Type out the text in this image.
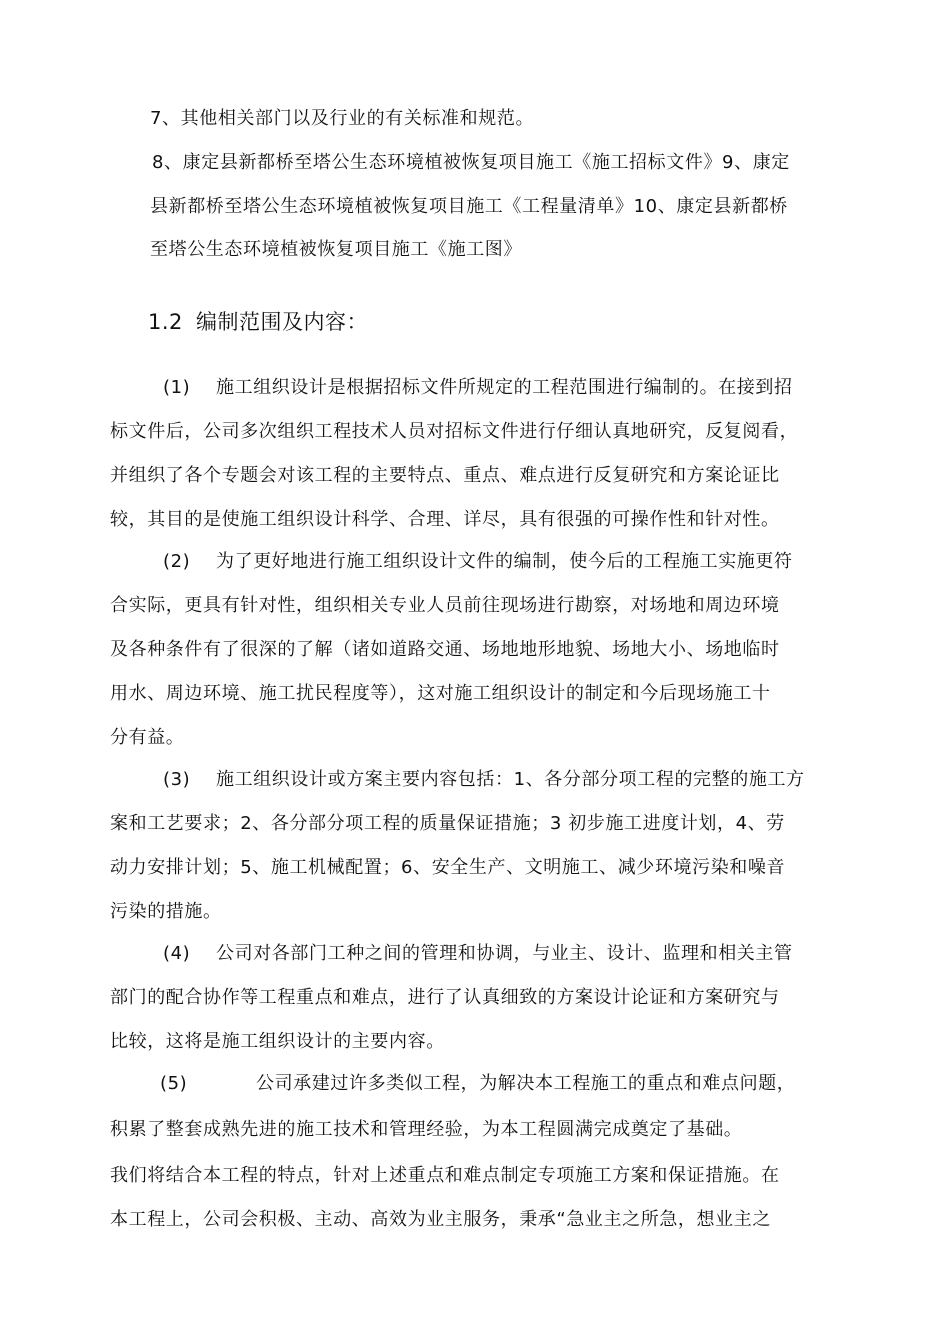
7、其他相关部门以及行业的有关标准和规范。
8、康定县新都桥至塔公生态环境植被恢复项目施工《施工招标文件》9、康定
县新都桥至塔公生态环境植被恢复项目施工《工程量清单》10、康定县新都桥
至塔公生态环境植被恢复项目施工《施工图》
1.2 编制范围及内容：
(1) 施工组织设计是根据招标文件所规定的工程范围进行编制的。在接到招
标文件后，公司多次组织工程技术人员对招标文件进行仔细认真地研究，反复阅看，
并组织了各个专题会对该工程的主要特点、重点、难点进行反复研究和方案论证比
较，其目的是使施工组织设计科学、合理、详尽，具有很强的可操作性和针对性。
(2) 为了更好地进行施工组织设计文件的编制，使今后的工程施工实施更符
合实际，更具有针对性，组织相关专业人员前往现场进行勘察，对场地和周边环境
及各种条件有了很深的了解（诸如道路交通、场地地形地貌、场地大小、场地临时
用水、周边环境、施工扰民程度等），这对施工组织设计的制定和今后现场施工十
分有益。
(3) 施工组织设计或方案主要内容包括：1、各分部分项工程的完整的施工方
案和工艺要求；2、各分部分项工程的质量保证措施；3 初步施工进度计划，4、劳
动力安排计划；5、施工机械配置；6、安全生产、文明施工、减少环境污染和噪音
污染的措施。
(4) 公司对各部门工种之间的管理和协调，与业主、设计、监理和相关主管
部门的配合协作等工程重点和难点，进行了认真细致的方案设计论证和方案研究与
比较，这将是施工组织设计的主要内容。
(5)	公司承建过许多类似工程，为解决本工程施工的重点和难点问题，
积累了整套成熟先进的施工技术和管理经验，为本工程圆满完成奠定了基础。
我们将结合本工程的特点，针对上述重点和难点制定专项施工方案和保证措施。在
本工程上，公司会积极、主动、高效为业主服务，秉承“急业主之所急，想业主之
